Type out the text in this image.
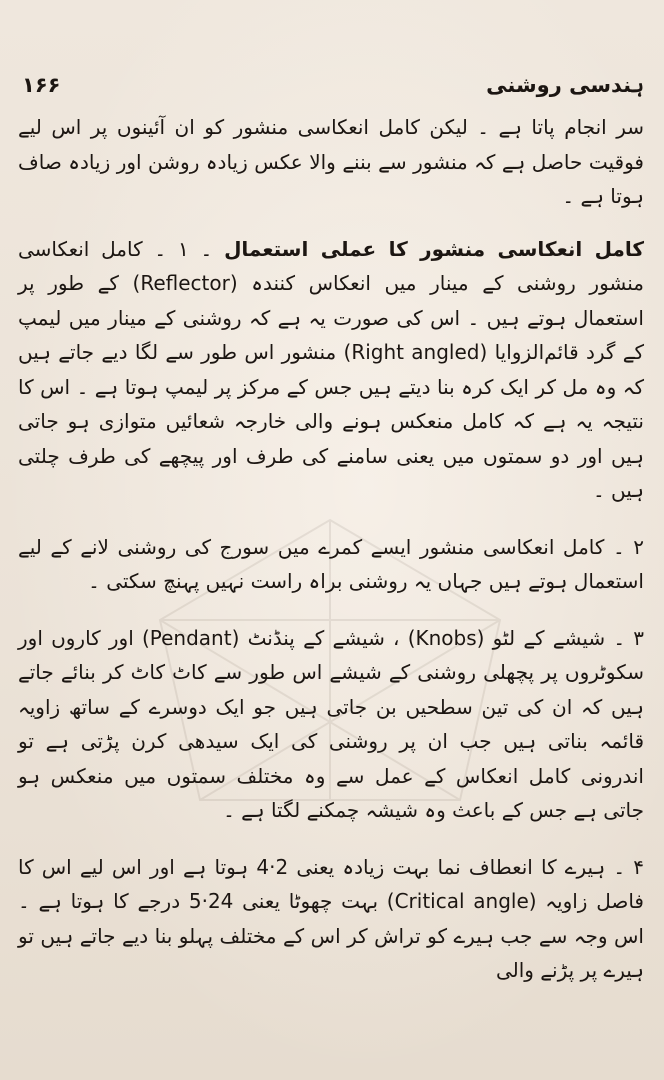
۱۶۶	ہندسی روشنی

سر انجام پاتا ہے ۔ لیکن کامل انعکاسی منشور کو ان آئینوں پر اس لیے فوقیت حاصل ہے کہ منشور سے بننے والا عکس زیادہ روشن اور زیادہ صاف ہوتا ہے ۔

کامل انعکاسی منشور کا عملی استعمال ۔ ۱ ۔ کامل انعکاسی منشور روشنی کے مینار میں انعکاس کنندہ (Reflector) کے طور پر استعمال ہوتے ہیں ۔ اس کی صورت یہ ہے کہ روشنی کے مینار میں لیمپ کے گرد قائم‌الزوایا (Right angled) منشور اس طور سے لگا دیے جاتے ہیں کہ وہ مل کر ایک کرہ بنا دیتے ہیں جس کے مرکز پر لیمپ ہوتا ہے ۔ اس کا نتیجہ یہ ہے کہ کامل منعکس ہونے والی خارجہ شعائیں متوازی ہو جاتی ہیں اور دو سمتوں میں یعنی سامنے کی طرف اور پیچھے کی طرف چلتی ہیں ۔

۲ ۔ کامل انعکاسی منشور ایسے کمرے میں سورج کی روشنی لانے کے لیے استعمال ہوتے ہیں جہاں یہ روشنی براہ راست نہیں پہنچ سکتی ۔

۳ ۔ شیشے کے لٹو (Knobs) ، شیشے کے پنڈنٹ (Pendant) اور کاروں اور سکوٹروں پر پچھلی روشنی کے شیشے اس طور سے کاٹ کاٹ کر بنائے جاتے ہیں کہ ان کی تین سطحیں بن جاتی ہیں جو ایک دوسرے کے ساتھ زاویہ قائمہ بناتی ہیں جب ان پر روشنی کی ایک سیدھی کرن پڑتی ہے تو اندرونی کامل انعکاس کے عمل سے وہ مختلف سمتوں میں منعکس ہو جاتی ہے جس کے باعث وہ شیشہ چمکنے لگتا ہے ۔

۴ ۔ ہیرے کا انعطاف نما بہت زیادہ یعنی 2·4 ہوتا ہے اور اس لیے اس کا فاصل زاویہ (Critical angle) بہت چھوٹا یعنی 24·5 درجے کا ہوتا ہے ۔ اس وجہ سے جب ہیرے کو تراش کر اس کے مختلف پہلو بنا دیے جاتے ہیں تو ہیرے پر پڑنے والی
